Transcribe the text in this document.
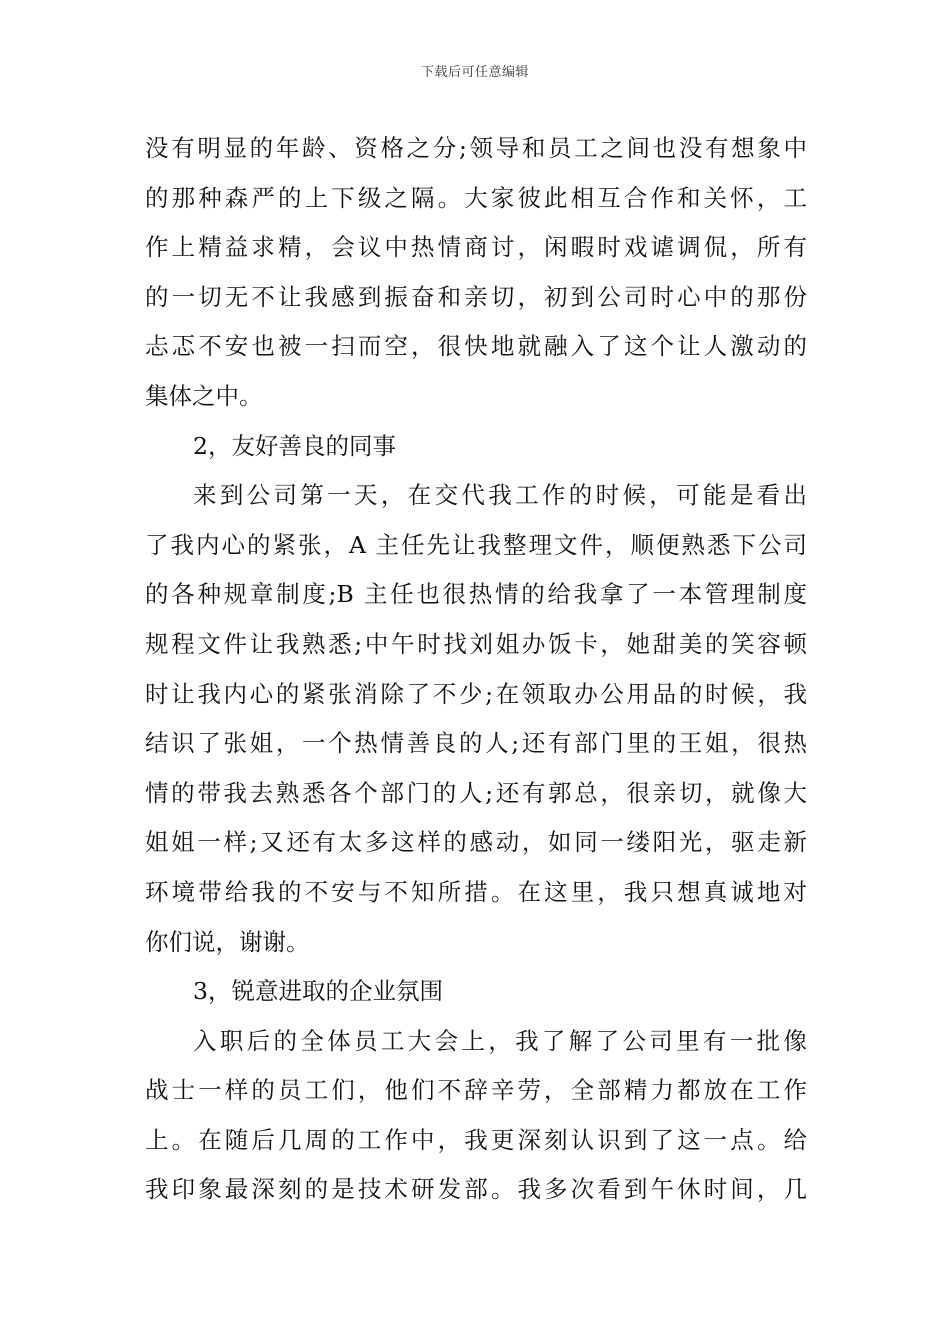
下载后可任意编辑
没有明显的年龄、资格之分;领导和员工之间也没有想象中
的那种森严的上下级之隔。大家彼此相互合作和关怀，工
作上精益求精，会议中热情商讨，闲暇时戏谑调侃，所有
的一切无不让我感到振奋和亲切，初到公司时心中的那份
忐忑不安也被一扫而空，很快地就融入了这个让人激动的
集体之中。
2，友好善良的同事
来到公司第一天，在交代我工作的时候，可能是看出
了我内心的紧张，A 主任先让我整理文件，顺便熟悉下公司
的各种规章制度;B 主任也很热情的给我拿了一本管理制度
规程文件让我熟悉;中午时找刘姐办饭卡，她甜美的笑容顿
时让我内心的紧张消除了不少;在领取办公用品的时候，我
结识了张姐，一个热情善良的人;还有部门里的王姐，很热
情的带我去熟悉各个部门的人;还有郭总，很亲切，就像大
姐姐一样;又还有太多这样的感动，如同一缕阳光，驱走新
环境带给我的不安与不知所措。在这里，我只想真诚地对
你们说，谢谢。
3，锐意进取的企业氛围
入职后的全体员工大会上，我了解了公司里有一批像
战士一样的员工们，他们不辞辛劳，全部精力都放在工作
上。在随后几周的工作中，我更深刻认识到了这一点。给
我印象最深刻的是技术研发部。我多次看到午休时间，几
